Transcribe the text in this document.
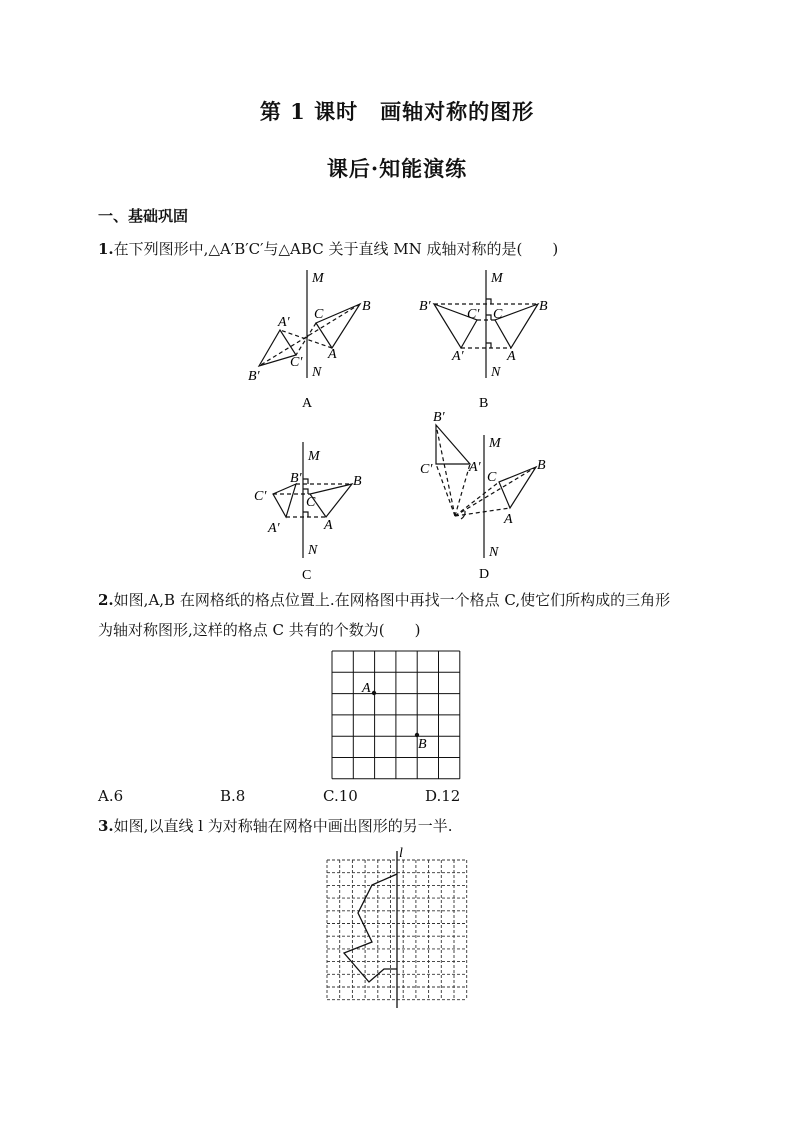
第 1 课时　画轴对称的图形
课后·知能演练
一、基础巩固
1.在下列图形中,△A′B′C′与△ABC 关于直线 MN 成轴对称的是(　　)
M
N
B
C
A
A′
B′
C′
A
M
N
B
C
A
B′
C′
A′
B
M
N
B
C
A
B′
C′
A′
C
M
N
B
C
A
B′
C′	A′
D
2.如图,A,B 在网格纸的格点位置上.在网格图中再找一个格点 C,使它们所构成的三角形
为轴对称图形,这样的格点 C 共有的个数为(　　)
A
B
A.6	B.8	C.10	D.12
3.如图,以直线 l 为对称轴在网格中画出图形的另一半.
l
